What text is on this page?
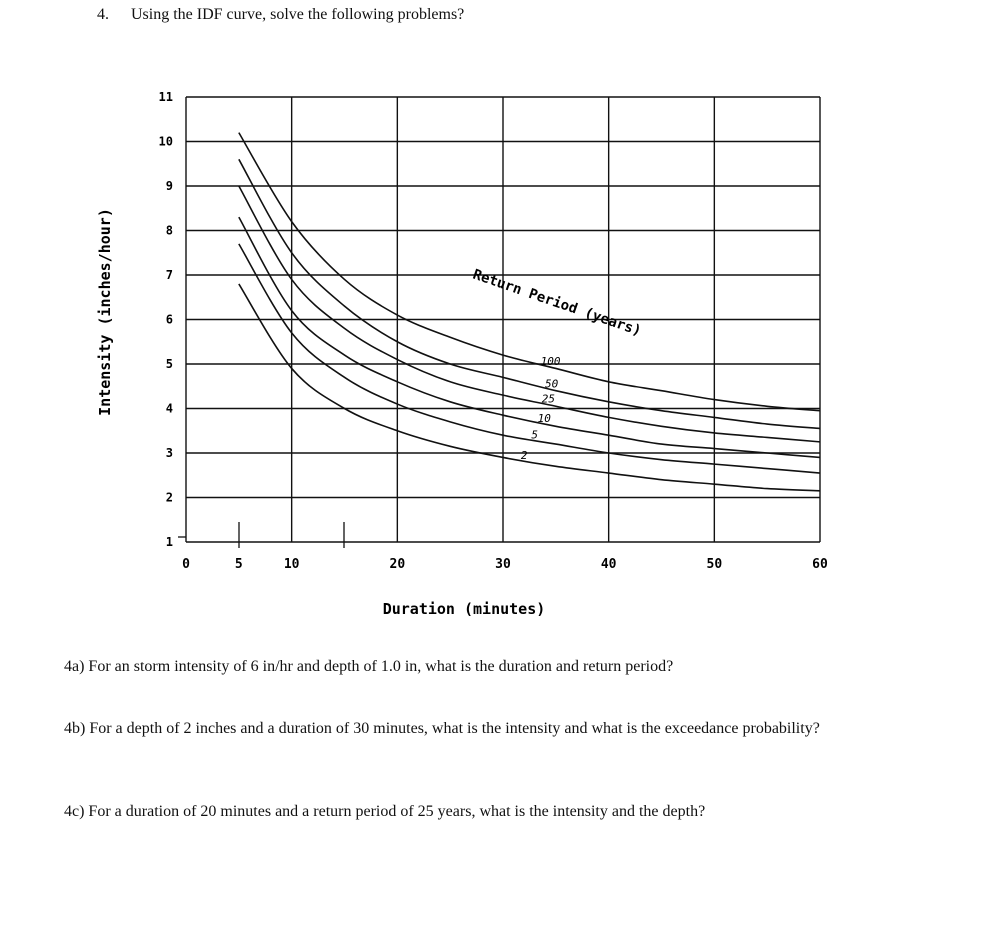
4. Using the IDF curve, solve the following problems?
0	5	10	20	30	40	50	60
1
2
3
4
5
6
7
8
9
10
11
Return Period (years)
100
50
25
10
5
2
Duration (minutes)
Intensity (inches/hour)
4a) For an storm intensity of 6 in/hr and depth of 1.0 in, what is the duration and return period?
4b) For a depth of 2 inches and a duration of 30 minutes, what is the intensity and what is the exceedance probability?
4c) For a duration of 20 minutes and a return period of 25 years, what is the intensity and the depth?
